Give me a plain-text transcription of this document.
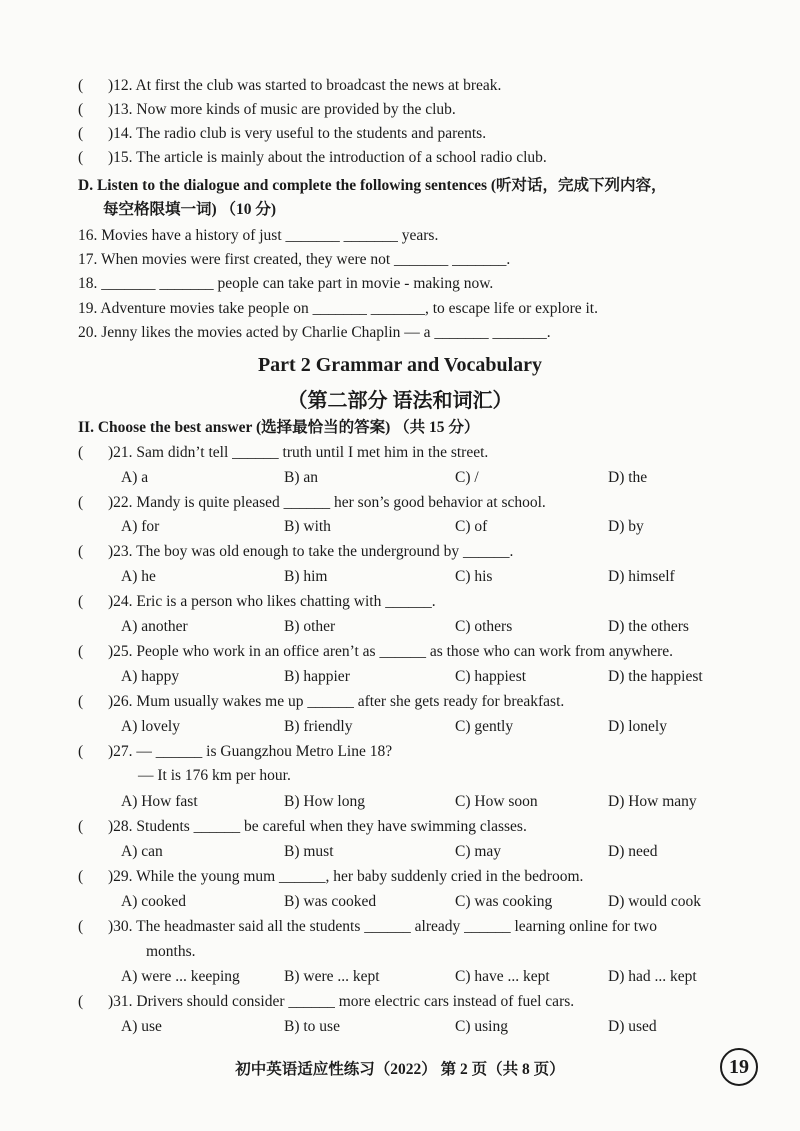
( )12. At first the club was started to broadcast the news at break.
( )13. Now more kinds of music are provided by the club.
( )14. The radio club is very useful to the students and parents.
( )15. The article is mainly about the introduction of a school radio club.
D. Listen to the dialogue and complete the following sentences (听对话，完成下列内容，
每空格限填一词) （10 分)
16. Movies have a history of just _______ _______ years.
17. When movies were first created, they were not _______ _______.
18. _______ _______ people can take part in movie - making now.
19. Adventure movies take people on _______ _______, to escape life or explore it.
20. Jenny likes the movies acted by Charlie Chaplin — a _______ _______.
Part 2 Grammar and Vocabulary
（第二部分 语法和词汇）
II. Choose the best answer (选择最恰当的答案) （共 15 分）
( )21. Sam didn’t tell ______ truth until I met him in the street.
A) a	B) an	C) /	D) the
( )22. Mandy is quite pleased ______ her son’s good behavior at school.
A) for	B) with	C) of	D) by
( )23. The boy was old enough to take the underground by ______.
A) he	B) him	C) his	D) himself
( )24. Eric is a person who likes chatting with ______.
A) another	B) other	C) others	D) the others
( )25. People who work in an office aren’t as ______ as those who can work from anywhere.
A) happy	B) happier	C) happiest	D) the happiest
( )26. Mum usually wakes me up ______ after she gets ready for breakfast.
A) lovely	B) friendly	C) gently	D) lonely
( )27. — ______ is Guangzhou Metro Line 18?
— It is 176 km per hour.
A) How fast	B) How long	C) How soon	D) How many
( )28. Students ______ be careful when they have swimming classes.
A) can	B) must	C) may	D) need
( )29. While the young mum ______, her baby suddenly cried in the bedroom.
A) cooked	B) was cooked	C) was cooking	D) would cook
( )30. The headmaster said all the students ______ already ______ learning online for two
months.
A) were ... keeping	B) were ... kept	C) have ... kept	D) had ... kept
( )31. Drivers should consider ______ more electric cars instead of fuel cars.
A) use	B) to use	C) using	D) used
初中英语适应性练习（2022） 第 2 页（共 8 页）	19
